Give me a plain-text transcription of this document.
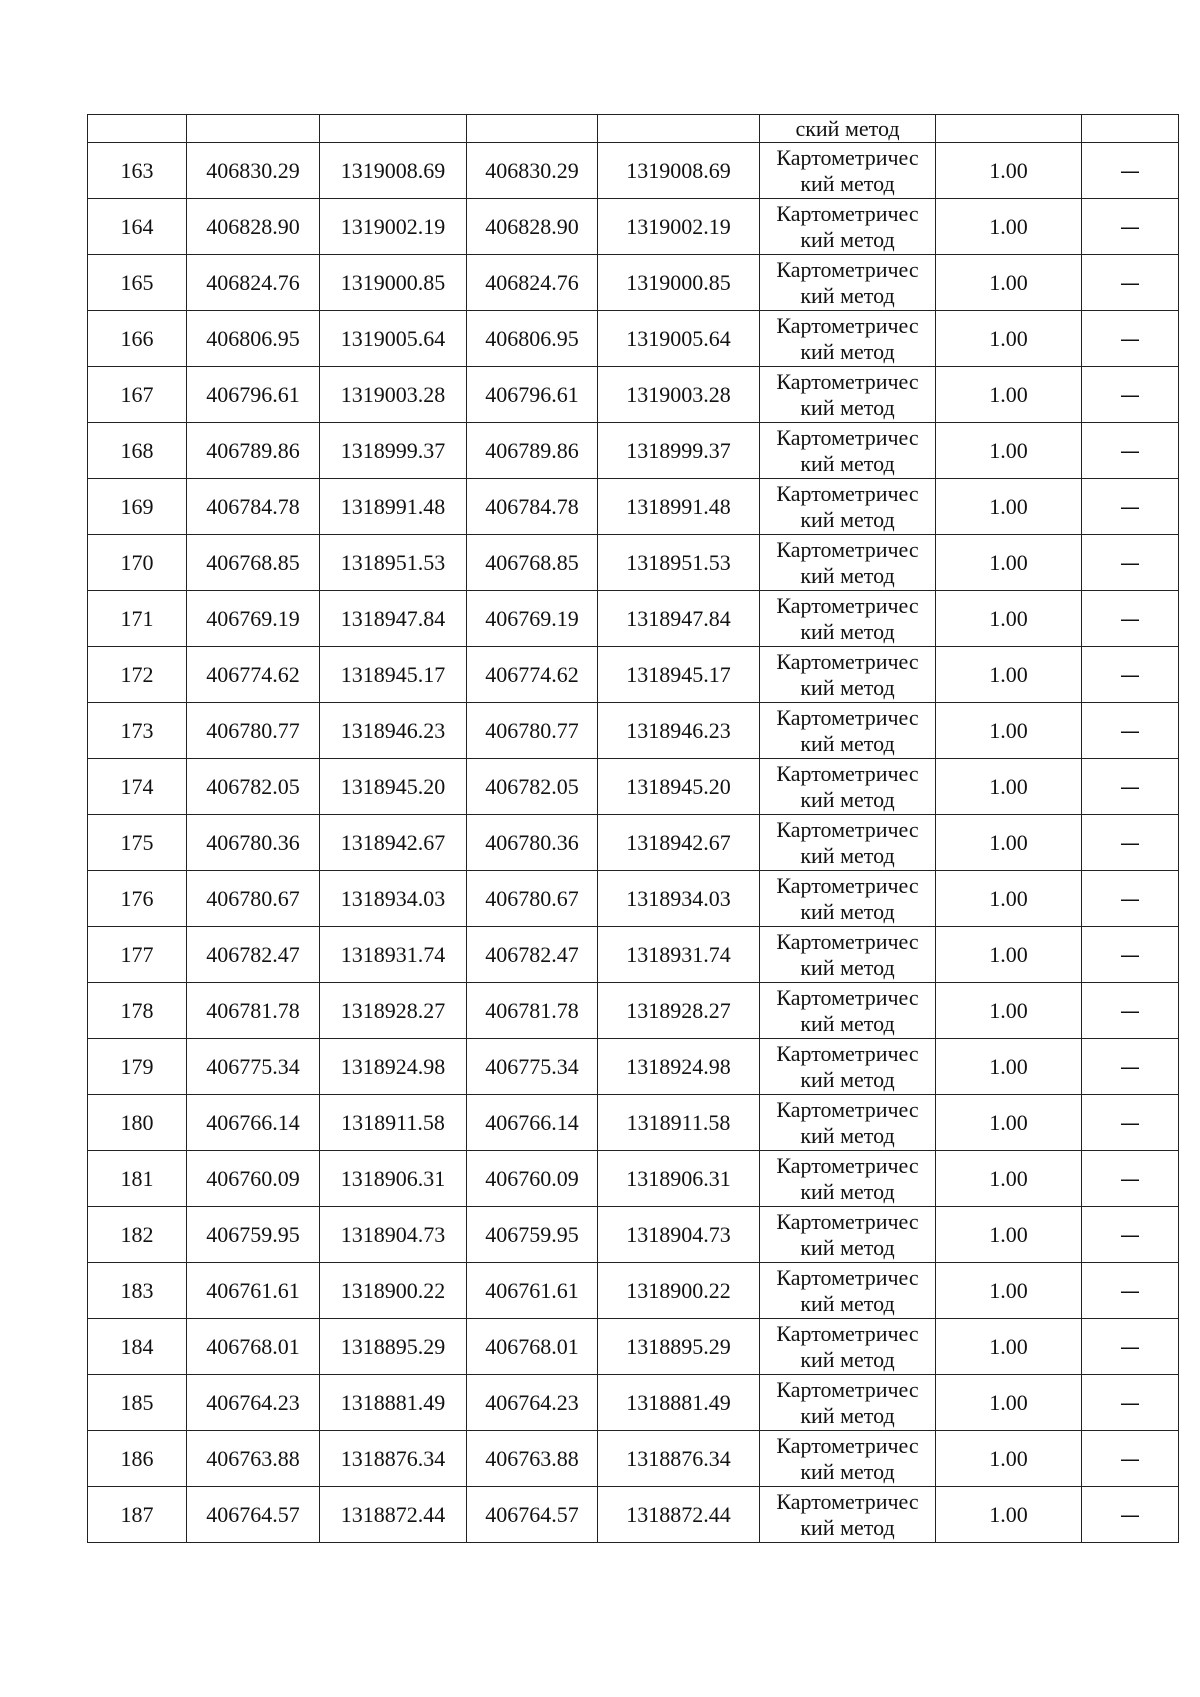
					ский метод		
163	406830.29	1319008.69	406830.29	1319008.69	Картометрический метод	1.00	—
164	406828.90	1319002.19	406828.90	1319002.19	Картометрический метод	1.00	—
165	406824.76	1319000.85	406824.76	1319000.85	Картометрический метод	1.00	—
166	406806.95	1319005.64	406806.95	1319005.64	Картометрический метод	1.00	—
167	406796.61	1319003.28	406796.61	1319003.28	Картометрический метод	1.00	—
168	406789.86	1318999.37	406789.86	1318999.37	Картометрический метод	1.00	—
169	406784.78	1318991.48	406784.78	1318991.48	Картометрический метод	1.00	—
170	406768.85	1318951.53	406768.85	1318951.53	Картометрический метод	1.00	—
171	406769.19	1318947.84	406769.19	1318947.84	Картометрический метод	1.00	—
172	406774.62	1318945.17	406774.62	1318945.17	Картометрический метод	1.00	—
173	406780.77	1318946.23	406780.77	1318946.23	Картометрический метод	1.00	—
174	406782.05	1318945.20	406782.05	1318945.20	Картометрический метод	1.00	—
175	406780.36	1318942.67	406780.36	1318942.67	Картометрический метод	1.00	—
176	406780.67	1318934.03	406780.67	1318934.03	Картометрический метод	1.00	—
177	406782.47	1318931.74	406782.47	1318931.74	Картометрический метод	1.00	—
178	406781.78	1318928.27	406781.78	1318928.27	Картометрический метод	1.00	—
179	406775.34	1318924.98	406775.34	1318924.98	Картометрический метод	1.00	—
180	406766.14	1318911.58	406766.14	1318911.58	Картометрический метод	1.00	—
181	406760.09	1318906.31	406760.09	1318906.31	Картометрический метод	1.00	—
182	406759.95	1318904.73	406759.95	1318904.73	Картометрический метод	1.00	—
183	406761.61	1318900.22	406761.61	1318900.22	Картометрический метод	1.00	—
184	406768.01	1318895.29	406768.01	1318895.29	Картометрический метод	1.00	—
185	406764.23	1318881.49	406764.23	1318881.49	Картометрический метод	1.00	—
186	406763.88	1318876.34	406763.88	1318876.34	Картометрический метод	1.00	—
187	406764.57	1318872.44	406764.57	1318872.44	Картометрический метод	1.00	—
